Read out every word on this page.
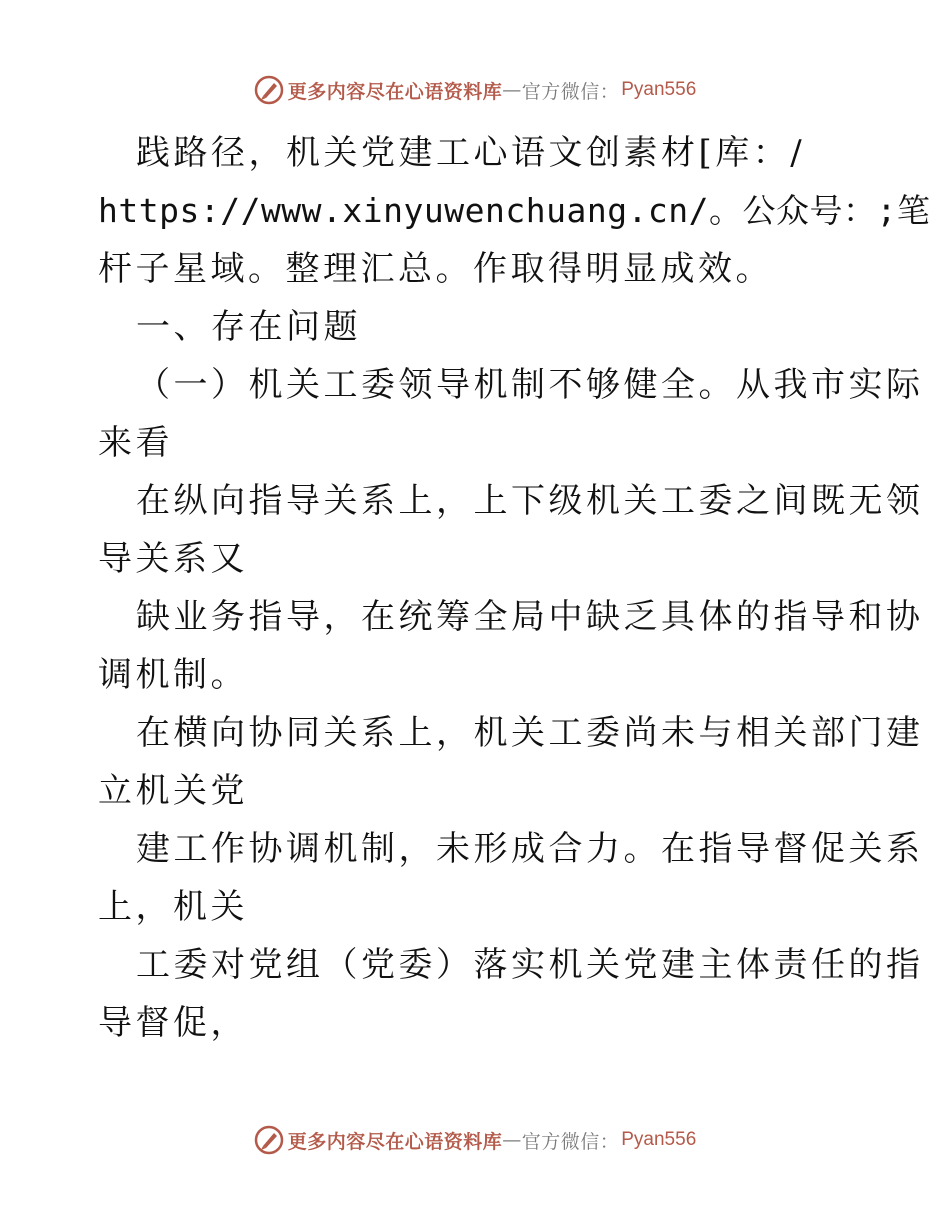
更多内容尽在心语资料库 — 官方微信： Pyan556
践路径，机关党建工心语文创素材[库：/
https://www.xinyuwenchuang.cn/。公众号：;笔
杆子星域。整理汇总。作取得明显成效。
一、存在问题
（一）机关工委领导机制不够健全。从我市实际
来看
在纵向指导关系上，上下级机关工委之间既无领
导关系又
缺业务指导，在统筹全局中缺乏具体的指导和协
调机制。
在横向协同关系上，机关工委尚未与相关部门建
立机关党
建工作协调机制，未形成合力。在指导督促关系
上，机关
工委对党组（党委）落实机关党建主体责任的指
导督促，
更多内容尽在心语资料库 — 官方微信： Pyan556
